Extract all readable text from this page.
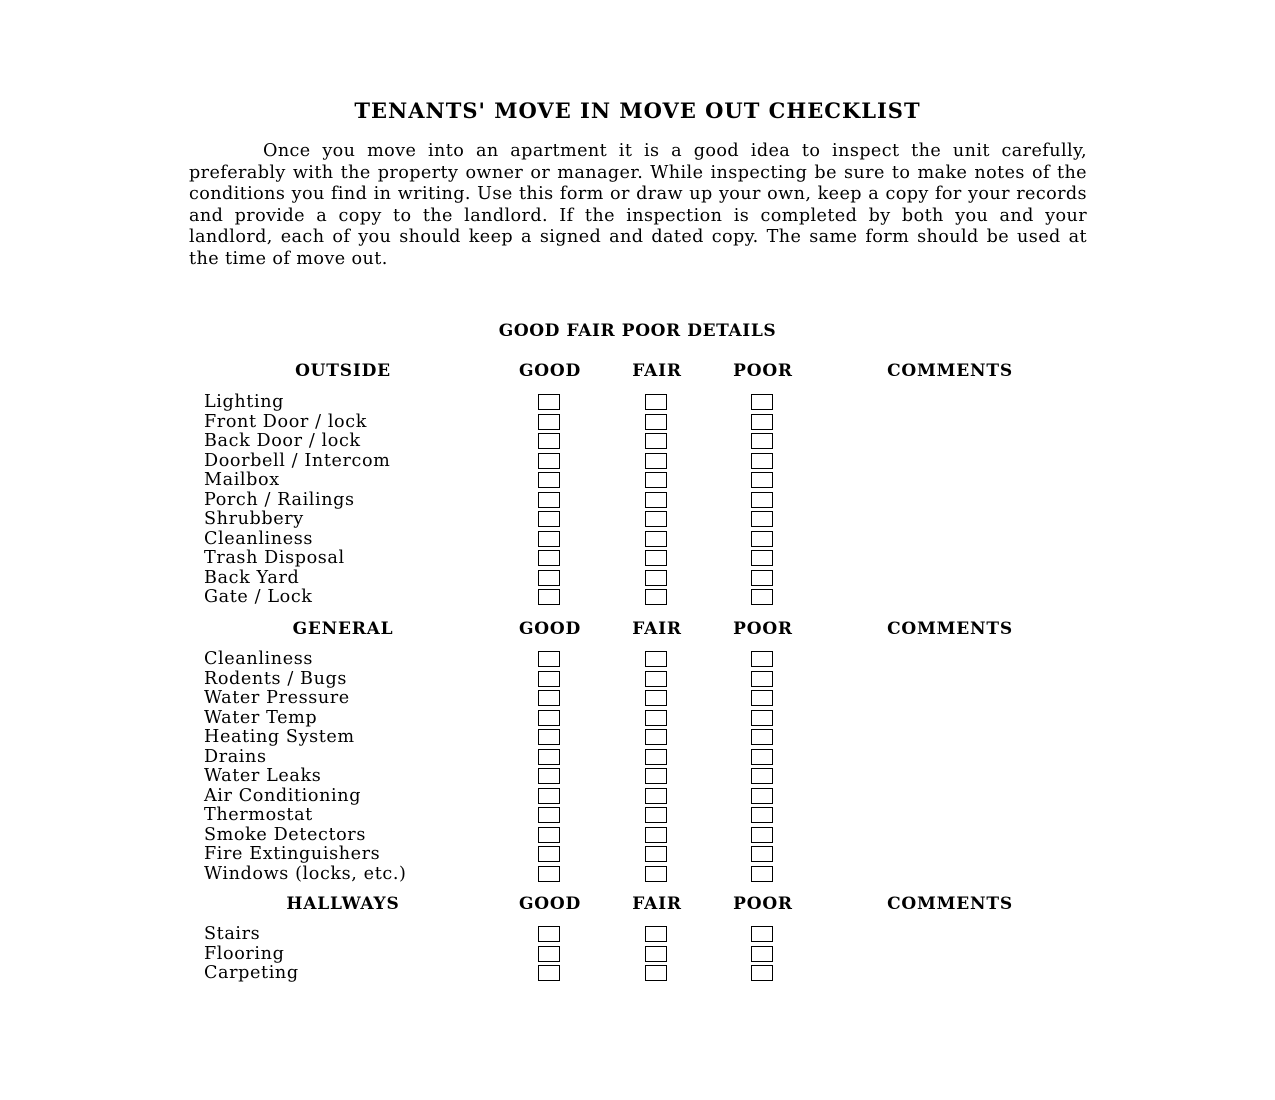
TENANTS' MOVE IN MOVE OUT CHECKLIST

Once you move into an apartment it is a good idea to inspect the unit carefully, preferably with the property owner or manager. While inspecting be sure to make notes of the conditions you find in writing. Use this form or draw up your own, keep a copy for your records and provide a copy to the landlord. If the inspection is completed by both you and your landlord, each of you should keep a signed and dated copy. The same form should be used at the time of move out.

GOOD FAIR POOR DETAILS
OUTSIDE	GOOD	FAIR	POOR	COMMENTS
Lighting
Front Door / lock
Back Door / lock
Doorbell / Intercom
Mailbox
Porch / Railings
Shrubbery
Cleanliness
Trash Disposal
Back Yard
Gate / Lock
GENERAL	GOOD	FAIR	POOR	COMMENTS
Cleanliness
Rodents / Bugs
Water Pressure
Water Temp
Heating System
Drains
Water Leaks
Air Conditioning
Thermostat
Smoke Detectors
Fire Extinguishers
Windows (locks, etc.)
HALLWAYS	GOOD	FAIR	POOR	COMMENTS
Stairs
Flooring
Carpeting
